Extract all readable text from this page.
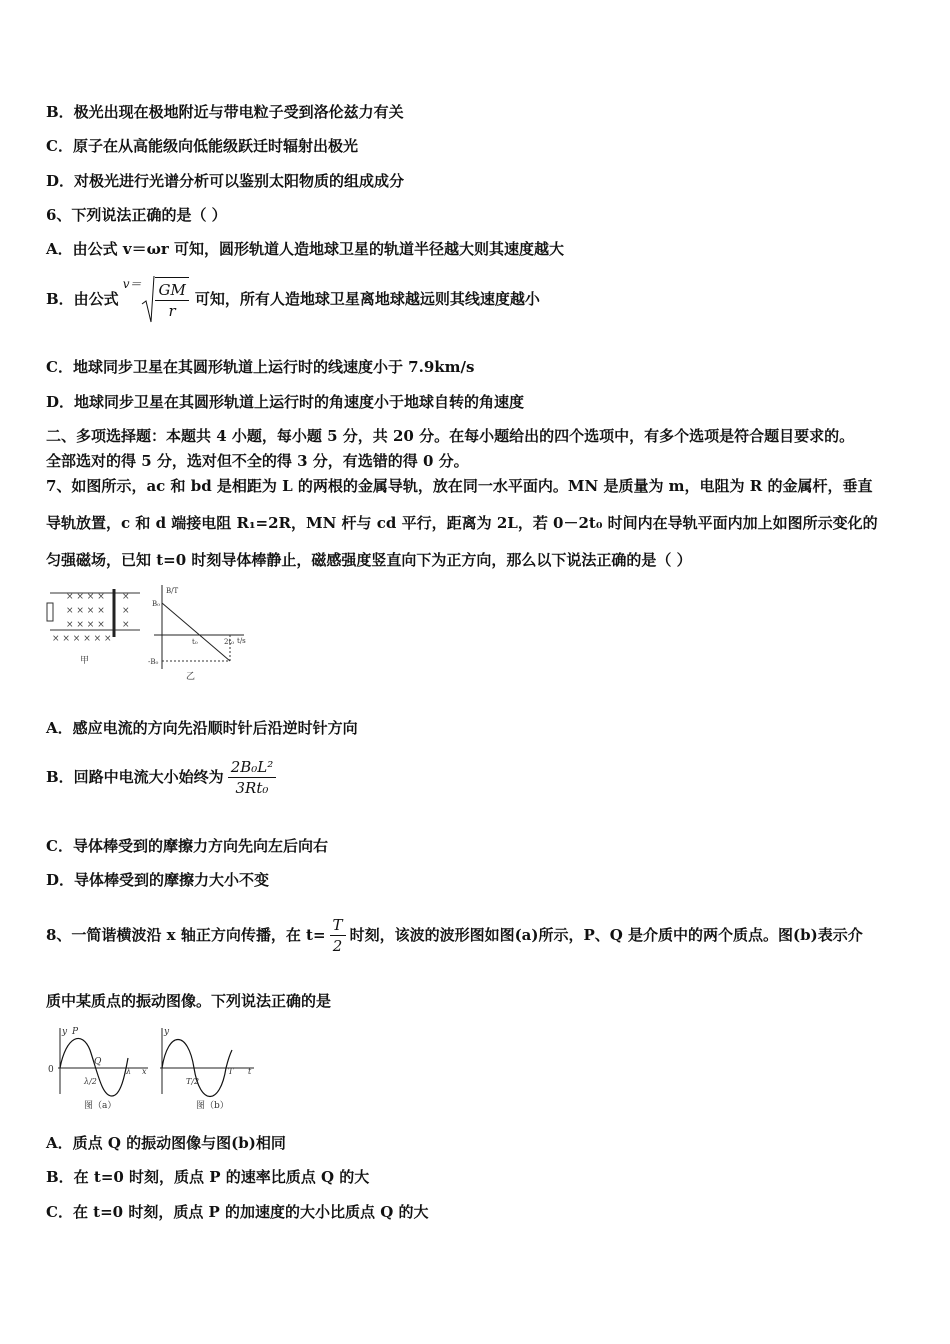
B．极光出现在极地附近与带电粒子受到洛伦兹力有关
C．原子在从高能级向低能级跃迁时辐射出极光
D．对极光进行光谱分析可以鉴别太阳物质的组成成分
6、下列说法正确的是（ ）
A．由公式 v＝ωr 可知，圆形轨道人造地球卫星的轨道半径越大则其速度越大
B．由公式
$v= \frac{GM}{r}$ 可知，所有人造地球卫星离地球越远则其线速度越小
C．地球同步卫星在其圆形轨道上运行时的线速度小于 7.9km/s
D．地球同步卫星在其圆形轨道上运行时的角速度小于地球自转的角速度
二、多项选择题：本题共 4 小题，每小题 5 分，共 20 分。在每小题给出的四个选项中，有多个选项是符合题目要求的。
全部选对的得 5 分，选对但不全的得 3 分，有选错的得 0 分。
7、如图所示，ac 和 bd 是相距为 L 的两根的金属导轨，放在同一水平面内。MN 是质量为 m，电阻为 R 的金属杆，垂直
导轨放置，c 和 d 端接电阻 R₁=2R，MN 杆与 cd 平行，距离为 2L，若 0－2t₀ 时间内在导轨平面内加上如图所示变化的
匀强磁场，已知 t=0 时刻导体棒静止，磁感强度竖直向下为正方向，那么以下说法正确的是（ ）
× × × ×
× × × ×
× × × ×
×
×
×
× × × × × ×
甲
B/T
t/s
B₀
-B₀
t₀	2t₀
乙
A．感应电流的方向先沿顺时针后沿逆时针方向
B．回路中电流大小始终为 $\frac{\text{2B₀L²}}{\text{3Rt₀}}$
C．导体棒受到的摩擦力方向先向左后向右
D．导体棒受到的摩擦力大小不变
8、一简谐横波沿 x 轴正方向传播，在 $t= \frac{T}{2}$ 时刻，该波的波形图如图(a)所示，P、Q 是介质中的两个质点。图(b)表示介
质中某质点的振动图像。下列说法正确的是
y
0
P
Q
x
λ/2
λ
图（a）
y
t
T/2
T
图（b）
A．质点 Q 的振动图像与图(b)相同
B．在 t=0 时刻，质点 P 的速率比质点 Q 的大
C．在 t=0 时刻，质点 P 的加速度的大小比质点 Q 的大
